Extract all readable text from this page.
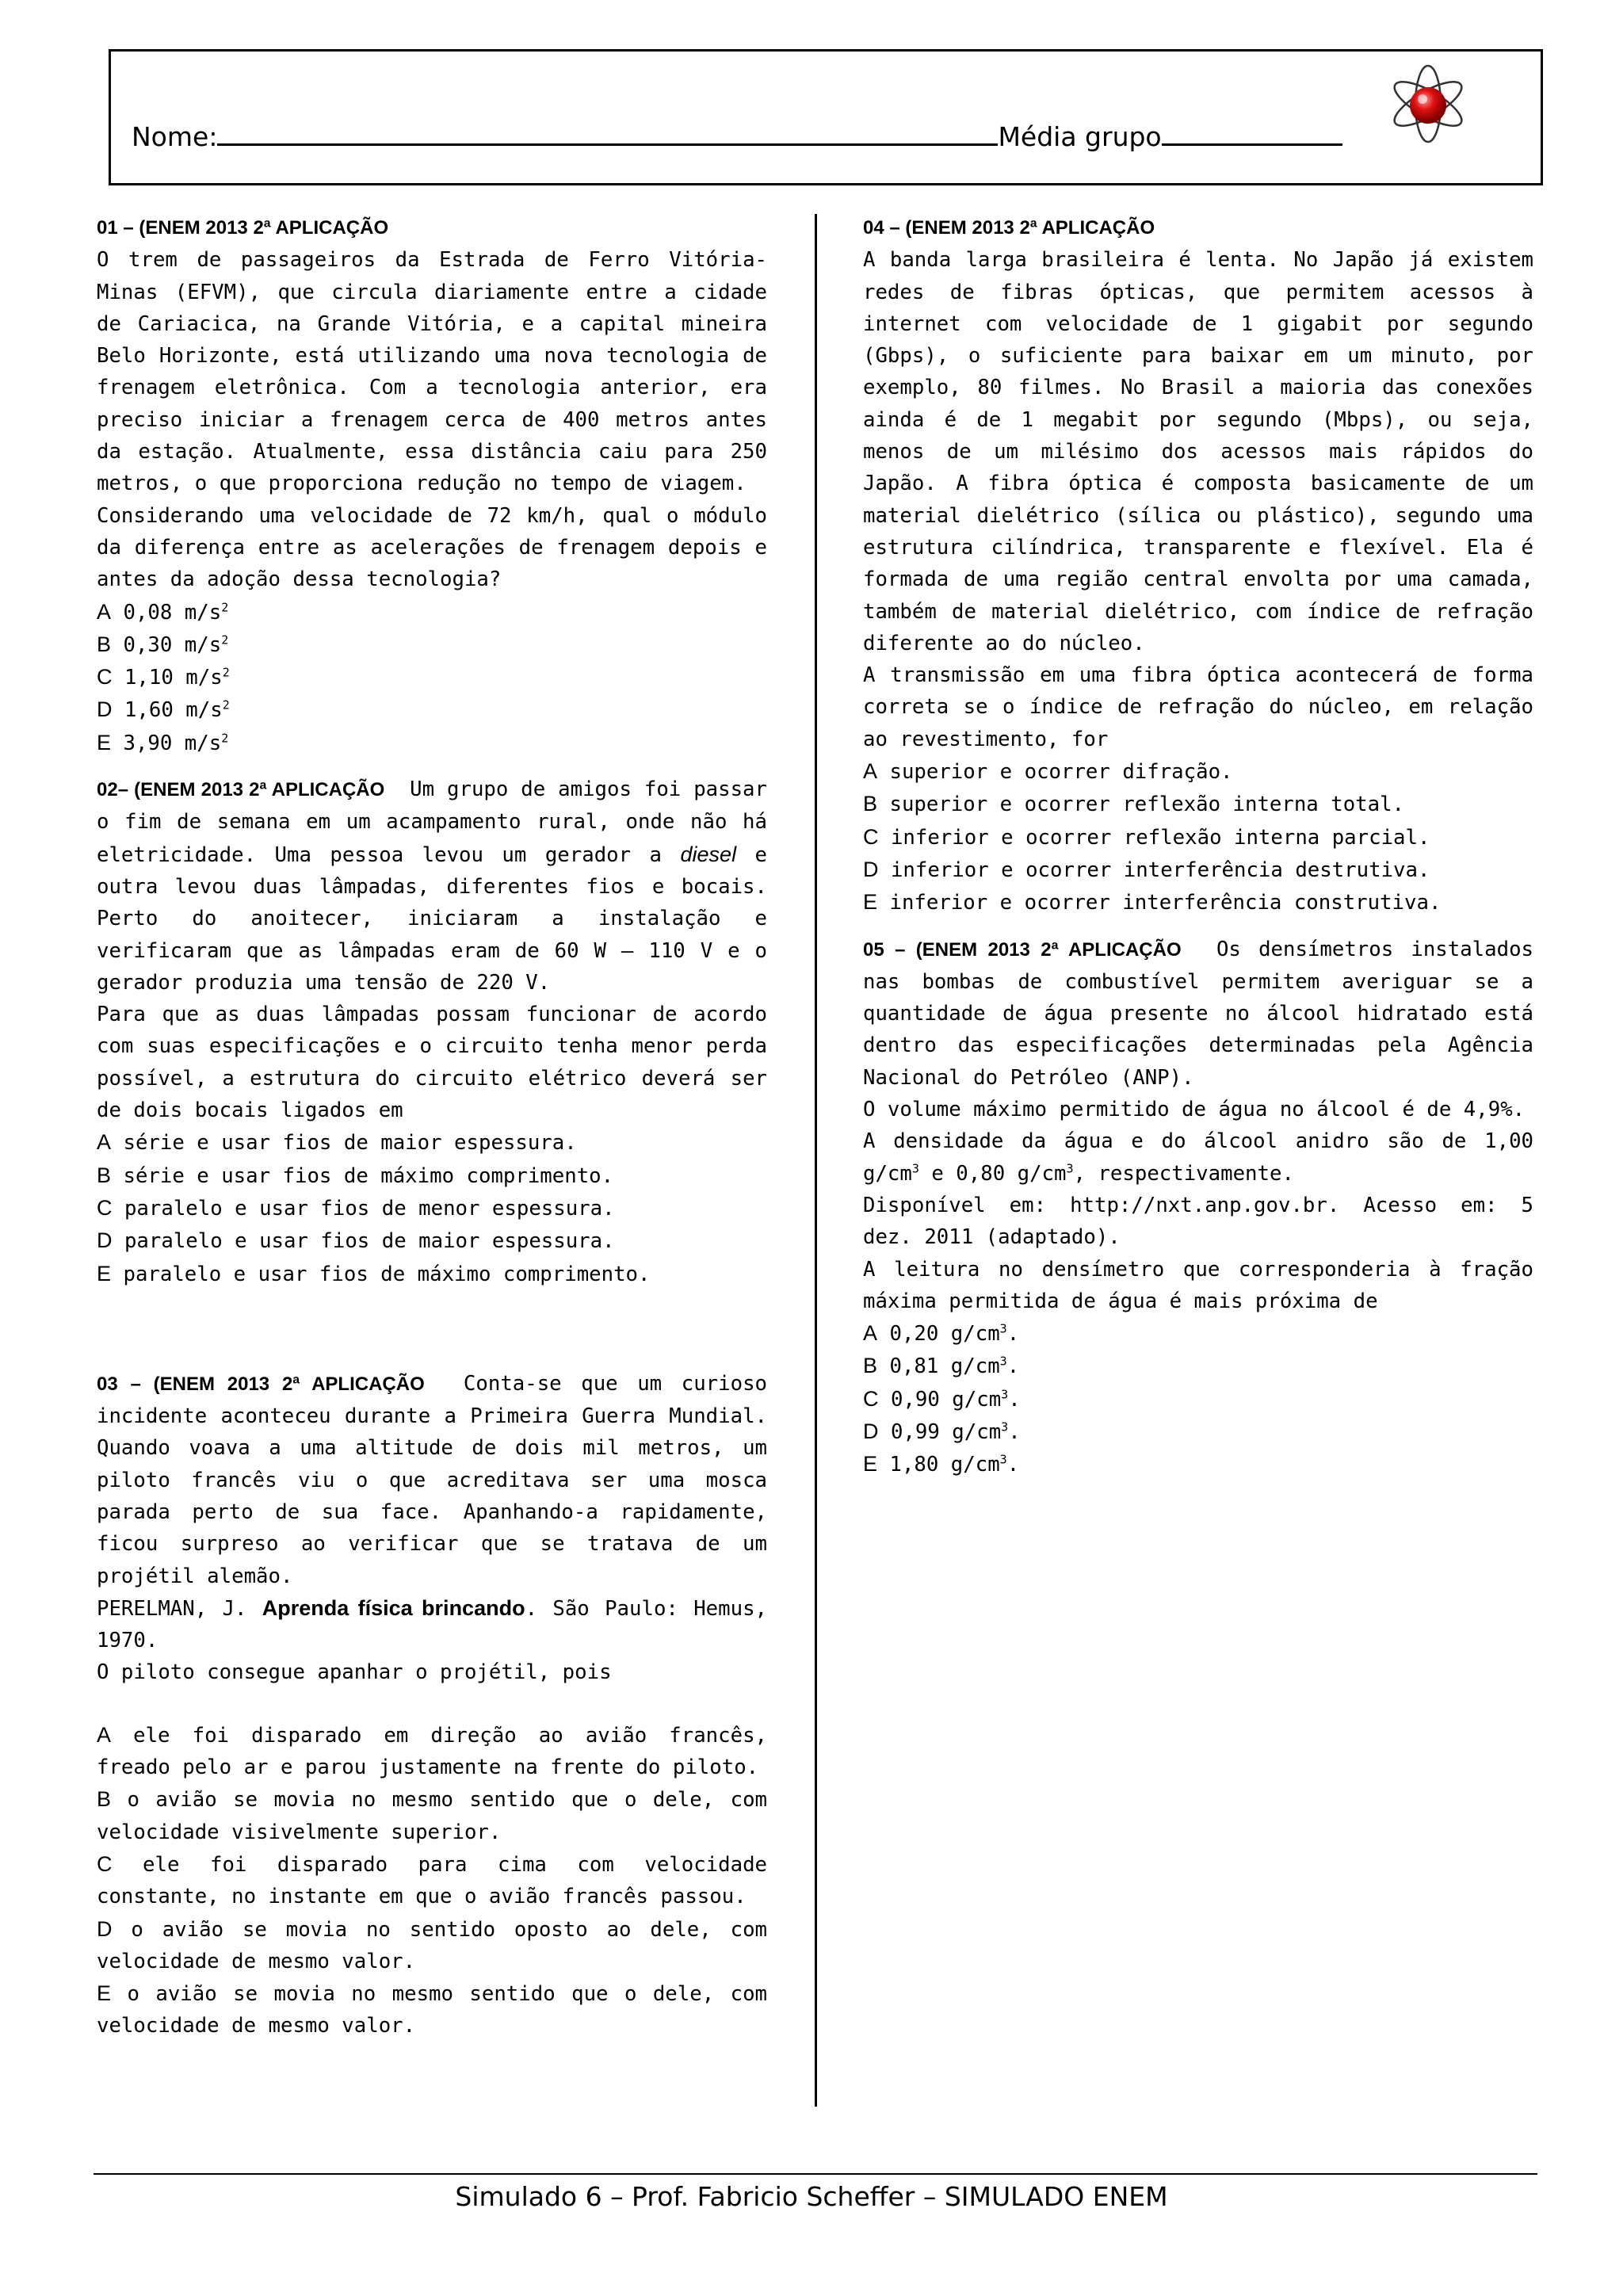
Nome:	Média grupo
01 – (ENEM 2013 2ª APLICAÇÃO

O trem de passageiros da Estrada de Ferro Vitória- Minas (EFVM), que circula diariamente entre a cidade de Cariacica, na Grande Vitória, e a capital mineira Belo Horizonte, está utilizando uma nova tecnologia de frenagem eletrônica. Com a tecnologia anterior, era preciso iniciar a frenagem cerca de 400 metros antes da estação. Atualmente, essa distância caiu para 250 metros, o que proporciona redução no tempo de viagem.

Considerando uma velocidade de 72 km/h, qual o módulo da diferença entre as acelerações de frenagem depois e antes da adoção dessa tecnologia?

A 0,08 $m/s^2$

B 0,30 $m/s^2$

C 1,10 $m/s^2$

D 1,60 $m/s^2$

E 3,90 $m/s^2$

02– (ENEM 2013 2ª APLICAÇÃO Um grupo de amigos foi passar o fim de semana em um acampamento rural, onde não há eletricidade. Uma pessoa levou um gerador a diesel e outra levou duas lâmpadas, diferentes fios e bocais. Perto do anoitecer, iniciaram a instalação e verificaram que as lâmpadas eram de 60 W – 110 V e o gerador produzia uma tensão de 220 V.

Para que as duas lâmpadas possam funcionar de acordo com suas especificações e o circuito tenha menor perda possível, a estrutura do circuito elétrico deverá ser de dois bocais ligados em

A série e usar fios de maior espessura.

B série e usar fios de máximo comprimento.

C paralelo e usar fios de menor espessura.

D paralelo e usar fios de maior espessura.

E paralelo e usar fios de máximo comprimento.

03 – (ENEM 2013 2ª APLICAÇÃO Conta-se que um curioso incidente aconteceu durante a Primeira Guerra Mundial. Quando voava a uma altitude de dois mil metros, um piloto francês viu o que acreditava ser uma mosca parada perto de sua face. Apanhando-a rapidamente, ficou surpreso ao verificar que se tratava de um projétil alemão.

PERELMAN, J. Aprenda física brincando. São Paulo: Hemus, 1970.

O piloto consegue apanhar o projétil, pois

A ele foi disparado em direção ao avião francês, freado pelo ar e parou justamente na frente do piloto.

B o avião se movia no mesmo sentido que o dele, com velocidade visivelmente superior.

C ele foi disparado para cima com velocidade constante, no instante em que o avião francês passou.

D o avião se movia no sentido oposto ao dele, com velocidade de mesmo valor.

E o avião se movia no mesmo sentido que o dele, com velocidade de mesmo valor.

04 – (ENEM 2013 2ª APLICAÇÃO

A banda larga brasileira é lenta. No Japão já existem redes de fibras ópticas, que permitem acessos à internet com velocidade de 1 gigabit por segundo (Gbps), o suficiente para baixar em um minuto, por exemplo, 80 filmes. No Brasil a maioria das conexões ainda é de 1 megabit por segundo (Mbps), ou seja, menos de um milésimo dos acessos mais rápidos do Japão. A fibra óptica é composta basicamente de um material dielétrico (sílica ou plástico), segundo uma estrutura cilíndrica, transparente e flexível. Ela é formada de uma região central envolta por uma camada, também de material dielétrico, com índice de refração diferente ao do núcleo.

A transmissão em uma fibra óptica acontecerá de forma correta se o índice de refração do núcleo, em relação ao revestimento, for

A superior e ocorrer difração.

B superior e ocorrer reflexão interna total.

C inferior e ocorrer reflexão interna parcial.

D inferior e ocorrer interferência destrutiva.

E inferior e ocorrer interferência construtiva.

05 – (ENEM 2013 2ª APLICAÇÃO Os densímetros instalados nas bombas de combustível permitem averiguar se a quantidade de água presente no álcool hidratado está dentro das especificações determinadas pela Agência Nacional do Petróleo (ANP).

O volume máximo permitido de água no álcool é de 4,9%.

A densidade da água e do álcool anidro são de 1,00 $g/cm^3$ e 0,80 $g/cm^3$, respectivamente.

Disponível em: http://nxt.anp.gov.br. Acesso em: 5 dez. 2011 (adaptado).

A leitura no densímetro que corresponderia à fração máxima permitida de água é mais próxima de

A 0,20 $g/cm^3$.

B 0,81 $g/cm^3$.

C 0,90 $g/cm^3$.

D 0,99 $g/cm^3$.

E 1,80 $g/cm^3$.

Simulado 6 – Prof. Fabricio Scheffer – SIMULADO ENEM
